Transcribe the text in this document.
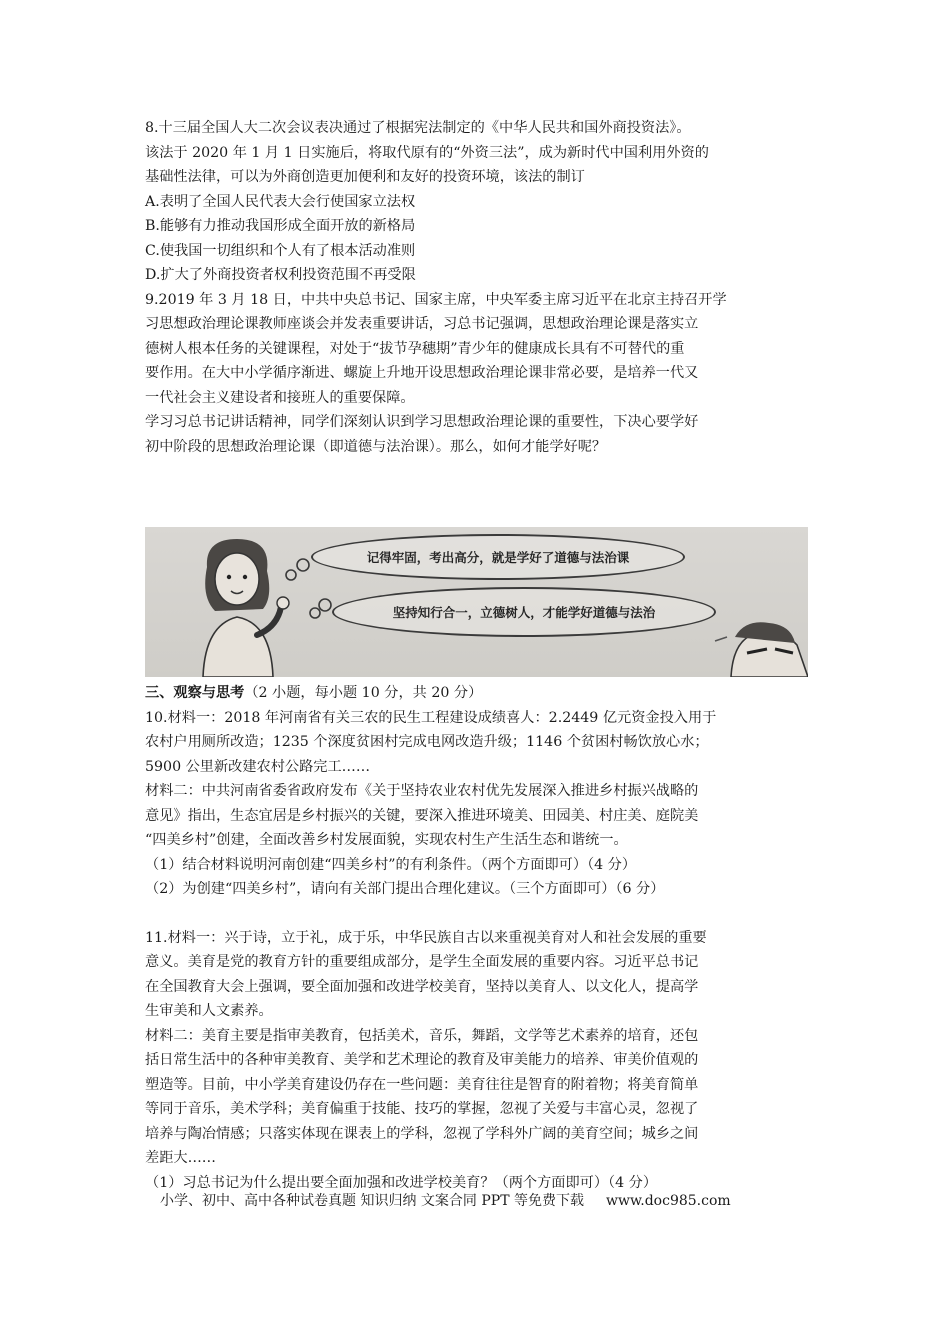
8.十三届全国人大二次会议表决通过了根据宪法制定的《中华人民共和国外商投资法》。

该法于 2020 年 1 月 1 日实施后，将取代原有的“外资三法”，成为新时代中国利用外资的

基础性法律，可以为外商创造更加便利和友好的投资环境，该法的制订

A.表明了全国人民代表大会行使国家立法权

B.能够有力推动我国形成全面开放的新格局

C.使我国一切组织和个人有了根本活动准则

D.扩大了外商投资者权利投资范围不再受限

9.2019 年 3 月 18 日，中共中央总书记、国家主席，中央军委主席习近平在北京主持召开学

习思想政治理论课教师座谈会并发表重要讲话，习总书记强调，思想政治理论课是落实立

德树人根本任务的关键课程，对处于“拔节孕穗期”青少年的健康成长具有不可替代的重

要作用。在大中小学循序渐进、螺旋上升地开设思想政治理论课非常必要，是培养一代又

一代社会主义建设者和接班人的重要保障。

学习习总书记讲话精神，同学们深刻认识到学习思想政治理论课的重要性，下决心要学好

初中阶段的思想政治理论课（即道德与法治课）。那么，如何才能学好呢？

记得牢固，考出高分，就是学好了道德与法治课
坚持知行合一，立德树人，才能学好道德与法治

三、观察与思考（2 小题，每小题 10 分，共 20 分）

10.材料一：2018 年河南省有关三农的民生工程建设成绩喜人：2.2449 亿元资金投入用于

农村户用厕所改造；1235 个深度贫困村完成电网改造升级；1146 个贫困村畅饮放心水；

5900 公里新改建农村公路完工……

材料二：中共河南省委省政府发布《关于坚持农业农村优先发展深入推进乡村振兴战略的

意见》指出，生态宜居是乡村振兴的关键，要深入推进环境美、田园美、村庄美、庭院美

“四美乡村”创建，全面改善乡村发展面貌，实现农村生产生活生态和谐统一。

（1）结合材料说明河南创建“四美乡村”的有利条件。（两个方面即可）（4 分）

（2）为创建“四美乡村”，请向有关部门提出合理化建议。（三个方面即可）（6 分）

11.材料一：兴于诗，立于礼，成于乐，中华民族自古以来重视美育对人和社会发展的重要

意义。美育是党的教育方针的重要组成部分，是学生全面发展的重要内容。习近平总书记

在全国教育大会上强调，要全面加强和改进学校美育，坚持以美育人、以文化人，提高学

生审美和人文素养。

材料二：美育主要是指审美教育，包括美术，音乐，舞蹈，文学等艺术素养的培育，还包

括日常生活中的各种审美教育、美学和艺术理论的教育及审美能力的培养、审美价值观的

塑造等。目前，中小学美育建设仍存在一些问题：美育往往是智育的附着物；将美育简单

等同于音乐，美术学科；美育偏重于技能、技巧的掌握，忽视了关爱与丰富心灵，忽视了

培养与陶冶情感；只落实体现在课表上的学科，忽视了学科外广阔的美育空间；城乡之间

差距大……

（1）习总书记为什么提出要全面加强和改进学校美育？（两个方面即可）（4 分）

小学、初中、高中各种试卷真题 知识归纳 文案合同 PPT 等免费下载 www.doc985.com
